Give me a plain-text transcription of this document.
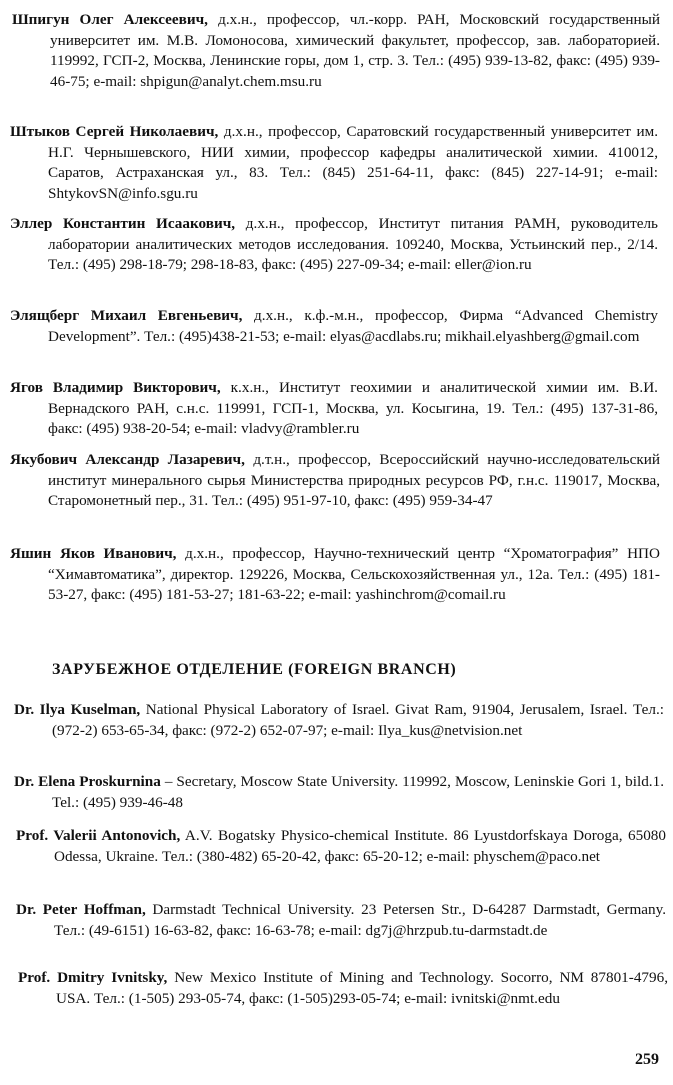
Шпигун Олег Алексеевич, д.х.н., профессор, чл.-корр. РАН, Московский государственный университет им. М.В. Ломоносова, химический факультет, профессор, зав. лабораторией. 119992, ГСП-2, Москва, Ленинские горы, дом 1, стр. 3. Тел.: (495) 939-13-82, факс: (495) 939-46-75; e-mail: shpigun@analyt.chem.msu.ru
Штыков Сергей Николаевич, д.х.н., профессор, Саратовский государственный университет им. Н.Г. Чернышевского, НИИ химии, профессор кафедры аналитической химии. 410012, Саратов, Астраханская ул., 83. Тел.: (845) 251-64-11, факс: (845) 227-14-91; e-mail: ShtykovSN@info.sgu.ru
Эллер Константин Исаакович, д.х.н., профессор, Институт питания РАМН, руководитель лаборатории аналитических методов исследования. 109240, Москва, Устьинский пер., 2/14. Тел.: (495) 298-18-79; 298-18-83, факс: (495) 227-09-34; e-mail: eller@ion.ru
Элящберг Михаил Евгеньевич, д.х.н., к.ф.-м.н., профессор, Фирма “Advanced Chemistry Development”. Тел.: (495)438-21-53; e-mail: elyas@acdlabs.ru; mikhail.elyashberg@gmail.com
Ягов Владимир Викторович, к.х.н., Институт геохимии и аналитической химии им. В.И. Вернадского РАН, с.н.с. 119991, ГСП-1, Москва, ул. Косыгина, 19. Тел.: (495) 137-31-86, факс: (495) 938-20-54; e-mail: vladvy@rambler.ru
Якубович Александр Лазаревич, д.т.н., профессор, Всероссийский научно-исследовательский институт минерального сырья Министерства природных ресурсов РФ, г.н.с. 119017, Москва, Старомонетный пер., 31. Тел.: (495) 951-97-10, факс: (495) 959-34-47
Яшин Яков Иванович, д.х.н., профессор, Научно-технический центр “Хроматография” НПО “Химавтоматика”, директор. 129226, Москва, Сельскохозяйственная ул., 12а. Тел.: (495) 181-53-27, факс: (495) 181-53-27; 181-63-22; e-mail: yashinchrom@comail.ru
ЗАРУБЕЖНОЕ ОТДЕЛЕНИЕ (FOREIGN BRANCH)
Dr. Ilya Kuselman, National Physical Laboratory of Israel. Givat Ram, 91904, Jerusalem, Israel. Тел.: (972-2) 653-65-34, факс: (972-2) 652-07-97; e-mail: Ilya_kus@netvision.net
Dr. Elena Proskurnina – Secretary, Moscow State University. 119992, Moscow, Leninskie Gori 1, bild.1. Tel.: (495) 939-46-48
Prof. Valerii Antonovich, A.V. Bogatsky Physico-chemical Institute. 86 Lyustdorfskaya Doroga, 65080 Odessa, Ukraine. Тел.: (380-482) 65-20-42, факс: 65-20-12; e-mail: physchem@paco.net
Dr. Peter Hoffman, Darmstadt Technical University. 23 Petersen Str., D-64287 Darmstadt, Germany. Тел.: (49-6151) 16-63-82, факс: 16-63-78; e-mail: dg7j@hrzpub.tu-darmstadt.de
Prof. Dmitry Ivnitsky, New Mexico Institute of Mining and Technology. Socorro, NM 87801-4796, USA. Тел.: (1-505) 293-05-74, факс: (1-505)293-05-74; e-mail: ivnitski@nmt.edu
259
